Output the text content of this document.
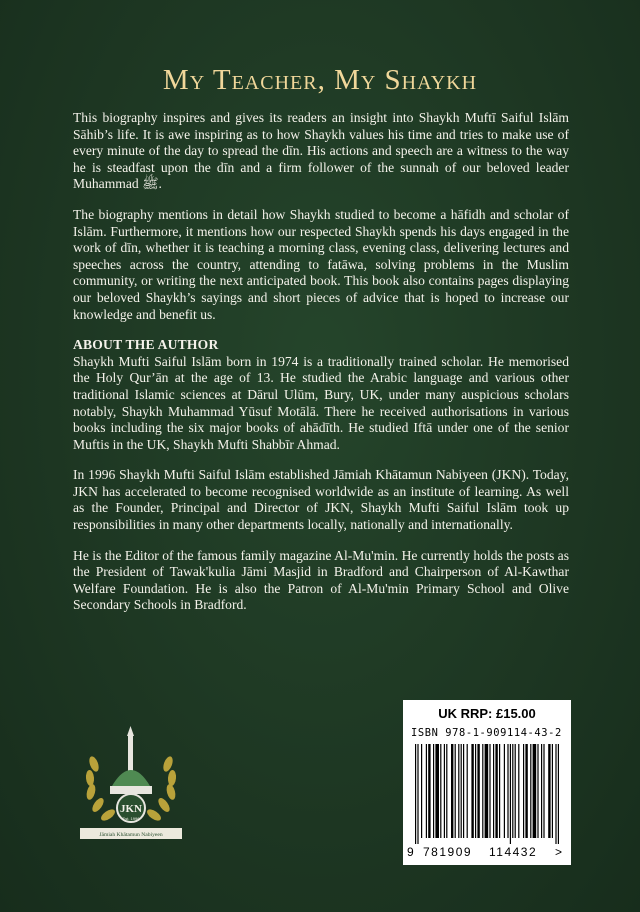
My Teacher, My Shaykh

This biography inspires and gives its readers an insight into Shaykh Muftī Saiful Islām Sāhib’s life. It is awe inspiring as to how Shaykh values his time and tries to make use of every minute of the day to spread the dīn. His actions and speech are a witness to the way he is steadfast upon the dīn and a firm follower of the sunnah of our beloved leader Muhammad ﷺ.

The biography mentions in detail how Shaykh studied to become a hāfidh and scholar of Islām. Furthermore, it mentions how our respected Shaykh spends his days engaged in the work of dīn, whether it is teaching a morning class, evening class, delivering lectures and speeches across the country, attending to fatāwa, solving problems in the Muslim community, or writing the next anticipated book. This book also contains pages displaying our beloved Shaykh’s sayings and short pieces of advice that is hoped to increase our knowledge and benefit us.

ABOUT THE AUTHOR

Shaykh Mufti Saiful Islām born in 1974 is a traditionally trained scholar. He memorised the Holy Qur’ān at the age of 13. He studied the Arabic language and various other traditional Islamic sciences at Dārul Ulūm, Bury, UK, under many auspicious scholars notably, Shaykh Muhammad Yūsuf Motālā. There he received authorisations in various books including the six major books of ahādīth. He studied Iftā under one of the senior Muftis in the UK, Shaykh Mufti Shabbīr Ahmad.

In 1996 Shaykh Mufti Saiful Islām established Jāmiah Khātamun Nabiyeen (JKN). Today, JKN has accelerated to become recognised worldwide as an institute of learning. As well as the Founder, Principal and Director of JKN, Shaykh Mufti Saiful Islām took up responsibilities in many other departments locally, nationally and internationally.

He is the Editor of the famous family magazine Al-Mu'min. He currently holds the posts as the President of Tawak'kulia Jāmi Masjid in Bradford and Chairperson of Al-Kawthar Welfare Foundation. He is also the Patron of Al-Mu'min Primary School and Olive Secondary Schools in Bradford.

JKN
Est. 1996
Jāmiah Khātamun Nabiyeen
UK RRP: £15.00
ISBN 978-1-909114-43-2
9 781909 114432 >
